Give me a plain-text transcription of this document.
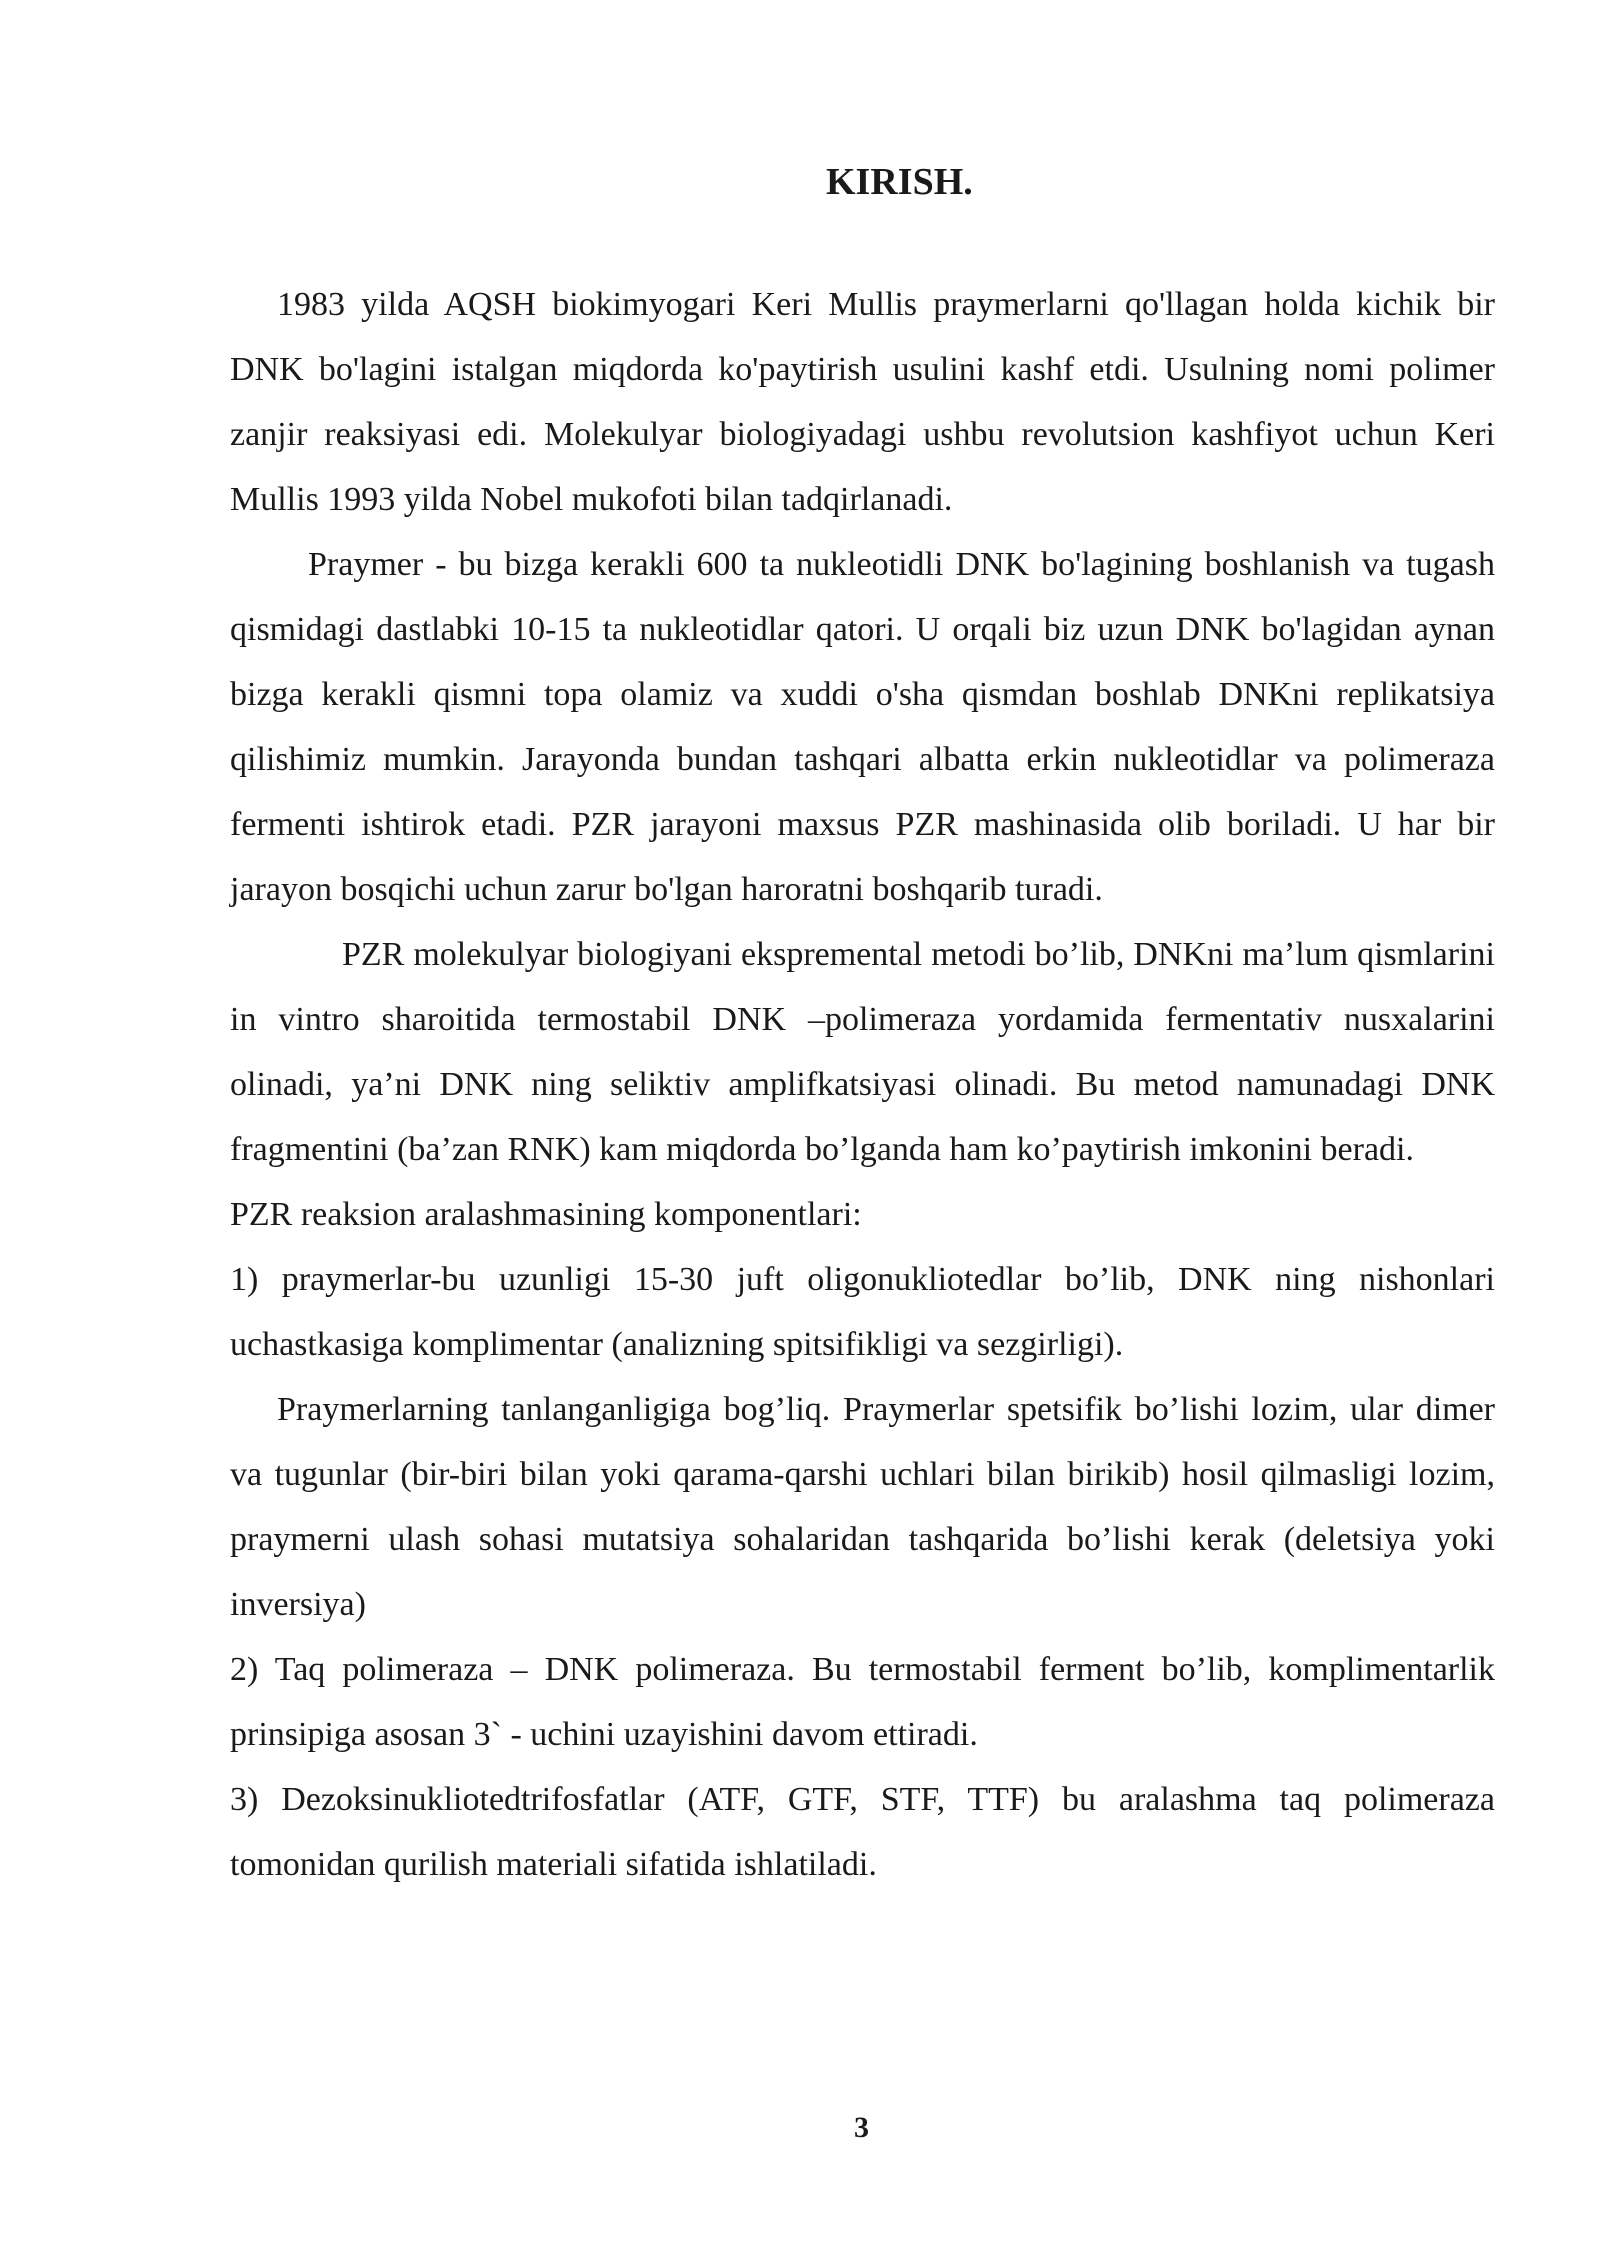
KIRISH.

1983 yilda AQSH biokimyogari Keri Mullis praymerlarni qo'llagan holda kichik bir DNK bo'lagini istalgan miqdorda ko'paytirish usulini kashf etdi. Usulning nomi polimer zanjir reaksiyasi edi. Molekulyar biologiyadagi ushbu revolutsion kashfiyot uchun Keri Mullis 1993 yilda Nobel mukofoti bilan tadqirlanadi.

Praymer - bu bizga kerakli 600 ta nukleotidli DNK bo'lagining boshlanish va tugash qismidagi dastlabki 10-15 ta nukleotidlar qatori. U orqali biz uzun DNK bo'lagidan aynan bizga kerakli qismni topa olamiz va xuddi o'sha qismdan boshlab DNKni replikatsiya qilishimiz mumkin. Jarayonda bundan tashqari albatta erkin nukleotidlar va polimeraza fermenti ishtirok etadi. PZR jarayoni maxsus PZR mashinasida olib boriladi. U har bir jarayon bosqichi uchun zarur bo'lgan haroratni boshqarib turadi.

PZR molekulyar biologiyani ekspremental metodi bo’lib, DNKni ma’lum qismlarini in vintro sharoitida termostabil DNK –polimeraza yordamida fermentativ nusxalarini olinadi, ya’ni DNK ning seliktiv amplifkatsiyasi olinadi. Bu metod namunadagi DNK fragmentini (ba’zan RNK) kam miqdorda bo’lganda ham ko’paytirish imkonini beradi.

PZR reaksion aralashmasining komponentlari:

1) praymerlar-bu uzunligi 15-30 juft oligonukliotedlar bo’lib, DNK ning nishonlari uchastkasiga komplimentar (analizning spitsifikligi va sezgirligi).

Praymerlarning tanlanganligiga bog’liq. Praymerlar spetsifik bo’lishi lozim, ular dimer va tugunlar (bir-biri bilan yoki qarama-qarshi uchlari bilan birikib) hosil qilmasligi lozim, praymerni ulash sohasi mutatsiya sohalaridan tashqarida bo’lishi kerak (deletsiya yoki inversiya)

2) Taq polimeraza – DNK polimeraza. Bu termostabil ferment bo’lib, komplimentarlik prinsipiga asosan 3` - uchini uzayishini davom ettiradi.

3) Dezoksinukliotedtrifosfatlar (ATF, GTF, STF, TTF) bu aralashma taq polimeraza tomonidan qurilish materiali sifatida ishlatiladi.

3
